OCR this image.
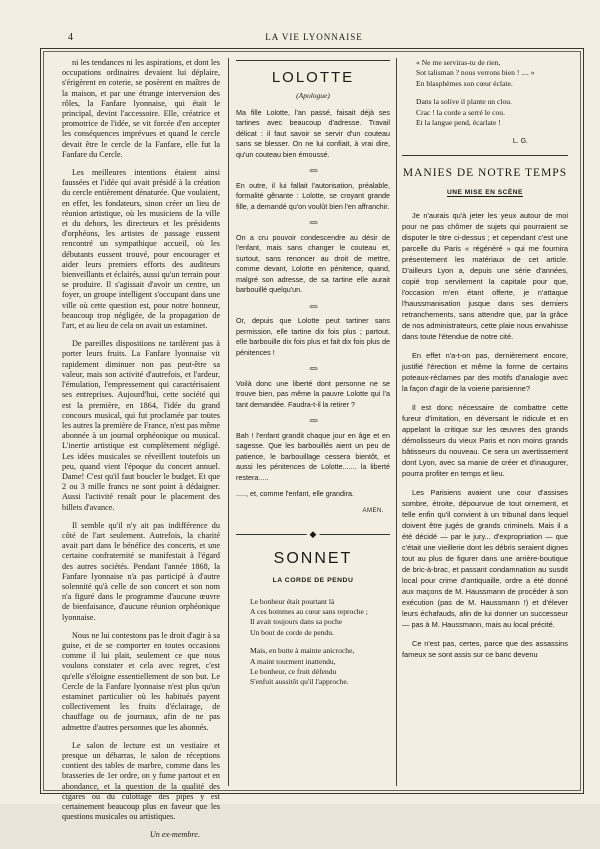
4	LA VIE LYONNAISE

ni les tendances ni les aspirations, et dont les occupations ordinaires devaient lui déplaire, s'érigèrent en coterie, se posèrent en maîtres de la maison, et par une étrange interversion des rôles, la Fanfare lyonnaise, qui était le principal, devint l'accessoire. Elle, créatrice et promotrice de l'idée, se vit forcée d'en accepter les conséquences imprévues et quand le cercle devait être le cercle de la Fanfare, elle fut la Fanfare du Cercle.

Les meilleures intentions étaient ainsi faussées et l'idée qui avait présidé à la création du cercle entièrement dénaturée. Que voulaient, en effet, les fondateurs, sinon créer un lieu de réunion artistique, où les musiciens de la ville et du dehors, les directeurs et les présidents d'orphéons, les artistes de passage eussent rencontré un sympathique accueil, où les débutants eussent trouvé, pour encourager et aider leurs premiers efforts des auditeurs bienveillants et éclairés, aussi qu'un terrain pour se produire. Il s'agissait d'avoir un centre, un foyer, un groupe intelligent s'occupant dans une ville où cette question est, pour notre honneur, beaucoup trop négligée, de la propagation de l'art, et au lieu de cela on avait un estaminet.

De pareilles dispositions ne tardèrent pas à porter leurs fruits. La Fanfare lyonnaise vit rapidement diminuer non pas peut-être sa valeur, mais son activité d'autrefois, et l'ardeur, l'émulation, l'empressement qui caractérisaient ses entreprises. Aujourd'hui, cette société qui est la première, en 1864, l'idée du grand concours musical, qui fut proclamée par toutes les autres la première de France, n'est pas même abonnée à un journal orphéonique ou musical. L'inertie artistique est complètement négligé. Les idées musicales se réveillent toutefois un peu, quand vient l'époque du concert annuel. Dame! C'est qu'il faut boucler le budget. Et que 2 ou 3 mille francs ne sont point à dédaigner. Aussi l'activité renaît pour le placement des billets d'avance.

Il semble qu'il n'y ait pas indifférence du côté de l'art seulement. Autrefois, la charité avait part dans le bénéfice des concerts, et une certaine confraternité se manifestait à l'égard des autres sociétés. Pendant l'année 1868, la Fanfare lyonnaise n'a pas participé à d'autre solennité qu'à celle de son concert et son nom n'a figuré dans le programme d'aucune œuvre de bienfaisance, d'aucune réunion orphéonique lyonnaise.

Nous ne lui contestons pas le droit d'agir à sa guise, et de se comporter en toutes occasions comme il lui plait, seulement ce que nous voulons constater et cela avec regret, c'est qu'elle s'éloigne essentiellement de son but. Le Cercle de la Fanfare lyonnaise n'est plus qu'un estaminet particulier où les habitués payent collectivement les fruits d'éclairage, de chauffage ou de journaux, afin de ne pas admettre d'autres personnes que les abonnés.

Le salon de lecture est un vestiaire et presque un débarras, le salon de réceptions contient des tables de marbre, comme dans les brasseries de 1er ordre, on y fume partout et en abondance, et la question de la qualité des cigares ou du culottage des pipes y est certainement beaucoup plus en faveur que les questions musicales ou artistiques.

Un ex-membre.

LOLOTTE
(Apologue)

Ma fille Lolotte, l'an passé, faisait déjà ses tartines avec beaucoup d'adresse. Travail délicat : il faut savoir se servir d'un couteau sans se blesser. On ne lui confiait, à vrai dire, qu'un couteau bien émoussé.

◦═◦

En outre, il lui fallait l'autorisation, préalable, formalité gênante : Lolotte, se croyant grande fille, a demandé qu'on voulût bien l'en affranchir.

◦═◦

On a cru pouvoir condescendre au désir de l'enfant, mais sans changer le couteau et, surtout, sans renoncer au droit de mettre, comme devant, Lolotte en pénitence, quand, malgré son adresse, de sa tartine elle aurait barbouillé quelqu'un.

◦═◦

Or, depuis que Lolotte peut tartiner sans permission, elle tartine dix fois plus ; partout, elle barbouille dix fois plus et fait dix fois plus de pénitences !

◦═◦

Voilà donc une liberté dont personne ne se trouve bien, pas même la pauvre Lolotte qui l'a tant demandée. Faudra-t-il la retirer ?

◦═◦

Bah ! l'enfant grandit chaque jour en âge et en sagesse. Que les barbouillés aient un peu de patience, le barbouillage cessera bientôt, et aussi les pénitences de Lolotte....... la liberté restera.....

....., et, comme l'enfant, elle grandira.

AMEN.
◆
SONNET
LA CORDE DE PENDU
Le bonheur était pourtant là
A ces hommes au cœur sans reproche ;
Il avait toujours dans sa poche
Un bout de corde de pendu.
Mais, en butte à mainte anicroche,
A maint tourment inattendu,
Le bonheur, ce fruit défendu
S'enfuit aussitôt qu'il l'approche.
« Ne me serviras-tu de rien,
Sot talisman ? nous verrons bien ! .... »
En blasphèmes son cœur éclate.
Dans la solive il plante un clou.
Crac ! la corde a serré le cou.
Et la langue pend, écarlate !
L. G.
MANIES DE NOTRE TEMPS
UNE MISE EN SCÈNE

Je n'aurais qu'à jeter les yeux autour de moi pour ne pas chômer de sujets qui pourraient se disputer le titre ci-dessus ; et cependant c'est une parcelle du Paris « régénéré » qui me fournira présentement les matériaux de cet article. D'ailleurs Lyon a, depuis une série d'années, copié trop servilement la capitale pour que, l'occasion m'en étant offerte, je n'attaque l'haussmanisation jusque dans ses derniers retranchements, sans attendre que, par la grâce de nos administrateurs, cette plaie nous envahisse dans toute l'étendue de notre cité.

En effet n'a-t-on pas, dernièrement encore, justifié l'érection et même la forme de certains poteaux-réclames par des motifs d'analogie avec la façon d'agir de la voierie parisienne?

Il est donc nécessaire de combattre cette fureur d'imitation, en déversant le ridicule et en appelant la critique sur les œuvres des grands démolisseurs du vieux Paris et non moins grands bâtisseurs du nouveau. Ce sera un avertissement dont Lyon, avec sa manie de créer et d'inaugurer, pourra profiter en temps et lieu.

Les Parisiens avaient une cour d'assises sombre, étroite, dépourvue de tout ornement, et telle enfin qu'il convient à un tribunal dans lequel doivent être jugés de grands criminels. Mais il a été décidé — par le jury... d'expropriation — que c'était une vieillerie dont les débris seraient dignes tout au plus de figurer dans une arrière-boutique de bric-à-brac, et passant condamnation au susdit local pour crime d'antiquaille, ordre a été donné aux maçons de M. Haussmann de procéder à son exécution (pas de M. Haussmann !) et d'élever leurs échafauds, afin de lui donner un successeur — pas à M. Haussmann, mais au local précité.

Ce n'est pas, certes, parce que des assassins fameux se sont assis sur ce banc devenu
